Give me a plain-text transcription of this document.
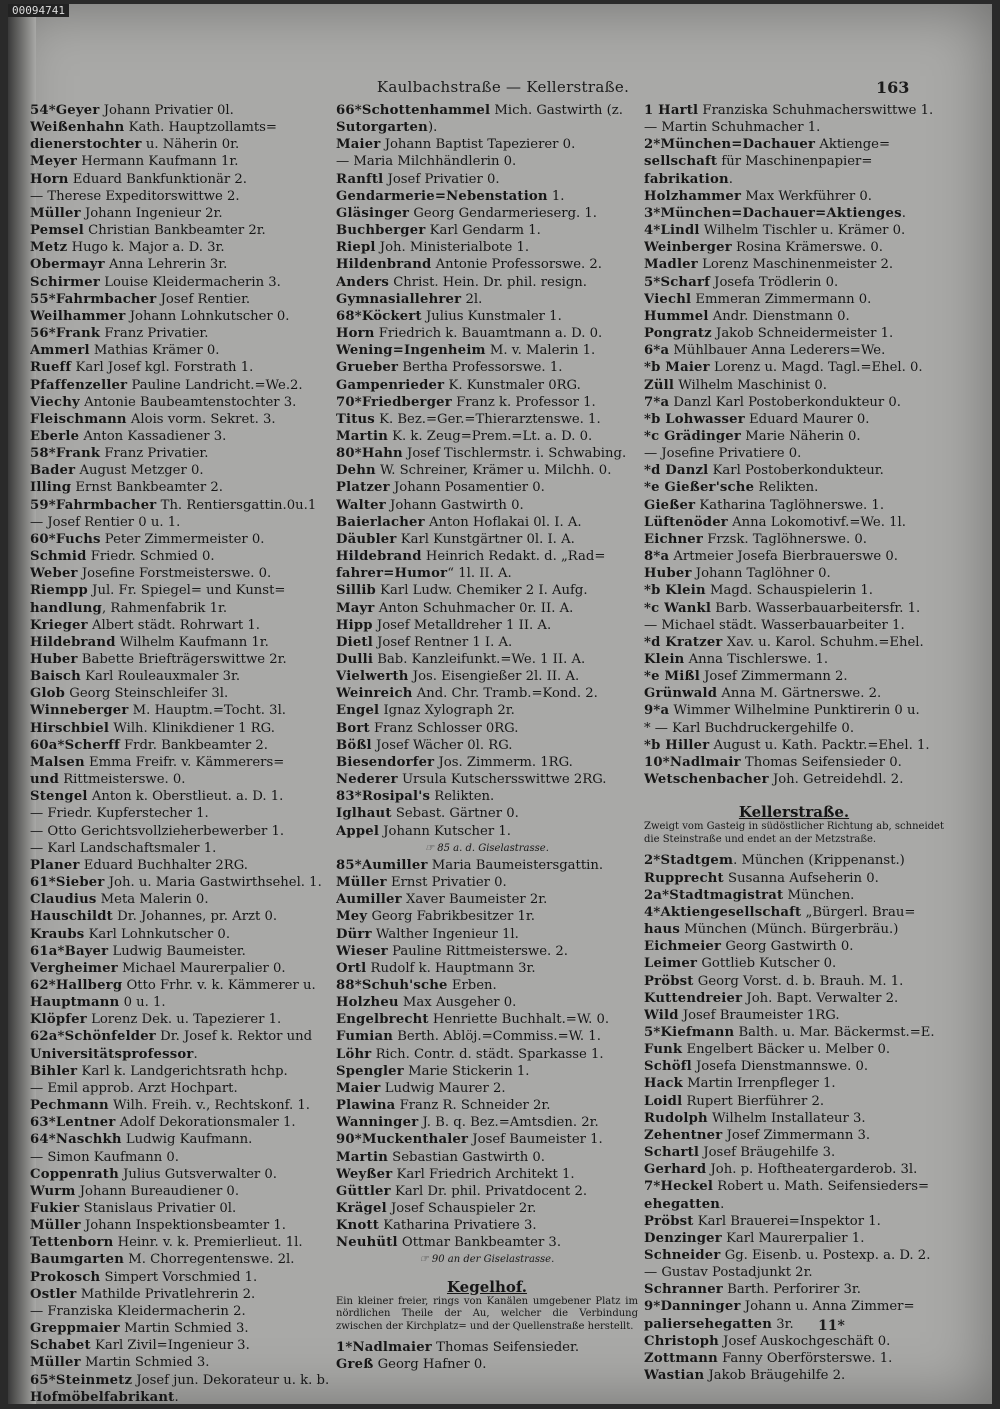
00094741
Kaulbachstraße — Kellerstraße.	163
54*Geyer Johann Privatier 0l.
Weißenhahn Kath. Hauptzollamts=
dienerstochter u. Näherin 0r.
Meyer Hermann Kaufmann 1r.
Horn Eduard Bankfunktionär 2.
— Therese Expeditorswittwe 2.
Müller Johann Ingenieur 2r.
Pemsel Christian Bankbeamter 2r.
Metz Hugo k. Major a. D. 3r.
Obermayr Anna Lehrerin 3r.
Schirmer Louise Kleidermacherin 3.
55*Fahrmbacher Josef Rentier.
Weilhammer Johann Lohnkutscher 0.
56*Frank Franz Privatier.
Ammerl Mathias Krämer 0.
Rueff Karl Josef kgl. Forstrath 1.
Pfaffenzeller Pauline Landricht.=We.2.
Viechy Antonie Baubeamtenstochter 3.
Fleischmann Alois vorm. Sekret. 3.
Eberle Anton Kassadiener 3.
58*Frank Franz Privatier.
Bader August Metzger 0.
Illing Ernst Bankbeamter 2.
59*Fahrmbacher Th. Rentiersgattin.0u.1
— Josef Rentier 0 u. 1.
60*Fuchs Peter Zimmermeister 0.
Schmid Friedr. Schmied 0.
Weber Josefine Forstmeisterswe. 0.
Riempp Jul. Fr. Spiegel= und Kunst=
handlung, Rahmenfabrik 1r.
Krieger Albert städt. Rohrwart 1.
Hildebrand Wilhelm Kaufmann 1r.
Huber Babette Briefträgerswittwe 2r.
Baisch Karl Rouleauxmaler 3r.
Glob Georg Steinschleifer 3l.
Winneberger M. Hauptm.=Tocht. 3l.
Hirschbiel Wilh. Klinikdiener 1 RG.
60a*Scherff Frdr. Bankbeamter 2.
Malsen Emma Freifr. v. Kämmerers=
und Rittmeisterswe. 0.
Stengel Anton k. Oberstlieut. a. D. 1.
— Friedr. Kupferstecher 1.
— Otto Gerichtsvollzieherbewerber 1.
— Karl Landschaftsmaler 1.
Planer Eduard Buchhalter 2RG.
61*Sieber Joh. u. Maria Gastwirthsehel. 1.
Claudius Meta Malerin 0.
Hauschildt Dr. Johannes, pr. Arzt 0.
Kraubs Karl Lohnkutscher 0.
61a*Bayer Ludwig Baumeister.
Vergheimer Michael Maurerpalier 0.
62*Hallberg Otto Frhr. v. k. Kämmerer u.
Hauptmann 0 u. 1.
Klöpfer Lorenz Dek. u. Tapezierer 1.
62a*Schönfelder Dr. Josef k. Rektor und
Universitätsprofessor.
Bihler Karl k. Landgerichtsrath hchp.
— Emil approb. Arzt Hochpart.
Pechmann Wilh. Freih. v., Rechtskonf. 1.
63*Lentner Adolf Dekorationsmaler 1.
64*Naschkh Ludwig Kaufmann.
— Simon Kaufmann 0.
Coppenrath Julius Gutsverwalter 0.
Wurm Johann Bureaudiener 0.
Fukier Stanislaus Privatier 0l.
Müller Johann Inspektionsbeamter 1.
Tettenborn Heinr. v. k. Premierlieut. 1l.
Baumgarten M. Chorregentenswe. 2l.
Prokosch Simpert Vorschmied 1.
Ostler Mathilde Privatlehrerin 2.
— Franziska Kleidermacherin 2.
Greppmaier Martin Schmied 3.
Schabet Karl Zivil=Ingenieur 3.
Müller Martin Schmied 3.
65*Steinmetz Josef jun. Dekorateur u. k. b.
Hofmöbelfabrikant.
66*Schottenhammel Mich. Gastwirth (z.
Sutorgarten).
Maier Johann Baptist Tapezierer 0.
— Maria Milchhändlerin 0.
Ranftl Josef Privatier 0.
Gendarmerie=Nebenstation 1.
Gläsinger Georg Gendarmerieserg. 1.
Buchberger Karl Gendarm 1.
Riepl Joh. Ministerialbote 1.
Hildenbrand Antonie Professorswe. 2.
Anders Christ. Hein. Dr. phil. resign.
Gymnasiallehrer 2l.
68*Köckert Julius Kunstmaler 1.
Horn Friedrich k. Bauamtmann a. D. 0.
Wening=Ingenheim M. v. Malerin 1.
Grueber Bertha Professorswe. 1.
Gampenrieder K. Kunstmaler 0RG.
70*Friedberger Franz k. Professor 1.
Titus K. Bez.=Ger.=Thierarztenswe. 1.
Martin K. k. Zeug=Prem.=Lt. a. D. 0.
80*Hahn Josef Tischlermstr. i. Schwabing.
Dehn W. Schreiner, Krämer u. Milchh. 0.
Platzer Johann Posamentier 0.
Walter Johann Gastwirth 0.
Baierlacher Anton Hoflakai 0l. I. A.
Däubler Karl Kunstgärtner 0l. I. A.
Hildebrand Heinrich Redakt. d. „Rad=
fahrer=Humor“ 1l. II. A.
Sillib Karl Ludw. Chemiker 2 I. Aufg.
Mayr Anton Schuhmacher 0r. II. A.
Hipp Josef Metalldreher 1 II. A.
Dietl Josef Rentner 1 I. A.
Dulli Bab. Kanzleifunkt.=We. 1 II. A.
Vielwerth Jos. Eisengießer 2l. II. A.
Weinreich And. Chr. Tramb.=Kond. 2.
Engel Ignaz Xylograph 2r.
Bort Franz Schlosser 0RG.
Bößl Josef Wächer 0l. RG.
Biesendorfer Jos. Zimmerm. 1RG.
Nederer Ursula Kutschersswittwe 2RG.
83*Rosipal's Relikten.
Iglhaut Sebast. Gärtner 0.
Appel Johann Kutscher 1.
☞ 85 a. d. Giselastrasse.
85*Aumiller Maria Baumeistersgattin.
Müller Ernst Privatier 0.
Aumiller Xaver Baumeister 2r.
Mey Georg Fabrikbesitzer 1r.
Dürr Walther Ingenieur 1l.
Wieser Pauline Rittmeisterswe. 2.
Ortl Rudolf k. Hauptmann 3r.
88*Schuh'sche Erben.
Holzheu Max Ausgeher 0.
Engelbrecht Henriette Buchhalt.=W. 0.
Fumian Berth. Ablöj.=Commiss.=W. 1.
Löhr Rich. Contr. d. städt. Sparkasse 1.
Spengler Marie Stickerin 1.
Maier Ludwig Maurer 2.
Plawina Franz R. Schneider 2r.
Wanninger J. B. q. Bez.=Amtsdien. 2r.
90*Muckenthaler Josef Baumeister 1.
Martin Sebastian Gastwirth 0.
Weyßer Karl Friedrich Architekt 1.
Güttler Karl Dr. phil. Privatdocent 2.
Krägel Josef Schauspieler 2r.
Knott Katharina Privatiere 3.
Neuhütl Ottmar Bankbeamter 3.
☞ 90 an der Giselastrasse.
Kegelhof.
Ein kleiner freier, rings von Kanälen umgebener Platz im nördlichen Theile der Au, welcher die Verbindung zwischen der Kirchplatz= und der Quellenstraße herstellt.
1*Nadlmaier Thomas Seifensieder.
Greß Georg Hafner 0.
1 Hartl Franziska Schuhmacherswittwe 1.
— Martin Schuhmacher 1.
2*München=Dachauer Aktienge=
sellschaft für Maschinenpapier=
fabrikation.
Holzhammer Max Werkführer 0.
3*München=Dachauer=Aktienges.
4*Lindl Wilhelm Tischler u. Krämer 0.
Weinberger Rosina Krämerswe. 0.
Madler Lorenz Maschinenmeister 2.
5*Scharf Josefa Trödlerin 0.
Viechl Emmeran Zimmermann 0.
Hummel Andr. Dienstmann 0.
Pongratz Jakob Schneidermeister 1.
6*a Mühlbauer Anna Lederers=We.
*b Maier Lorenz u. Magd. Tagl.=Ehel. 0.
Züll Wilhelm Maschinist 0.
7*a Danzl Karl Postoberkondukteur 0.
*b Lohwasser Eduard Maurer 0.
*c Grädinger Marie Näherin 0.
— Josefine Privatiere 0.
*d Danzl Karl Postoberkondukteur.
*e Gießer'sche Relikten.
Gießer Katharina Taglöhnerswe. 1.
Lüftenöder Anna Lokomotivf.=We. 1l.
Eichner Frzsk. Taglöhnerswe. 0.
8*a Artmeier Josefa Bierbrauerswe 0.
Huber Johann Taglöhner 0.
*b Klein Magd. Schauspielerin 1.
*c Wankl Barb. Wasserbauarbeitersfr. 1.
— Michael städt. Wasserbauarbeiter 1.
*d Kratzer Xav. u. Karol. Schuhm.=Ehel.
Klein Anna Tischlerswe. 1.
*e Mißl Josef Zimmermann 2.
Grünwald Anna M. Gärtnerswe. 2.
9*a Wimmer Wilhelmine Punktirerin 0 u.
* — Karl Buchdruckergehilfe 0.
*b Hiller August u. Kath. Packtr.=Ehel. 1.
10*Nadlmair Thomas Seifensieder 0.
Wetschenbacher Joh. Getreidehdl. 2.
Kellerstraße.
Zweigt vom Gasteig in südöstlicher Richtung ab, schneidet die Steinstraße und endet an der Metzstraße.
2*Stadtgem. München (Krippenanst.)
Rupprecht Susanna Aufseherin 0.
2a*Stadtmagistrat München.
4*Aktiengesellschaft „Bürgerl. Brau=
haus München (Münch. Bürgerbräu.)
Eichmeier Georg Gastwirth 0.
Leimer Gottlieb Kutscher 0.
Pröbst Georg Vorst. d. b. Brauh. M. 1.
Kuttendreier Joh. Bapt. Verwalter 2.
Wild Josef Braumeister 1RG.
5*Kiefmann Balth. u. Mar. Bäckermst.=E.
Funk Engelbert Bäcker u. Melber 0.
Schöfl Josefa Dienstmannswe. 0.
Hack Martin Irrenpfleger 1.
Loidl Rupert Bierführer 2.
Rudolph Wilhelm Installateur 3.
Zehentner Josef Zimmermann 3.
Schartl Josef Bräugehilfe 3.
Gerhard Joh. p. Hoftheatergarderob. 3l.
7*Heckel Robert u. Math. Seifensieders=
ehegatten.
Pröbst Karl Brauerei=Inspektor 1.
Denzinger Karl Maurerpalier 1.
Schneider Gg. Eisenb. u. Postexp. a. D. 2.
— Gustav Postadjunkt 2r.
Schranner Barth. Perforirer 3r.
9*Danninger Johann u. Anna Zimmer=
paliersehegatten 3r.
Christoph Josef Auskochgeschäft 0.
Zottmann Fanny Oberförsterswe. 1.
Wastian Jakob Bräugehilfe 2.
11*
